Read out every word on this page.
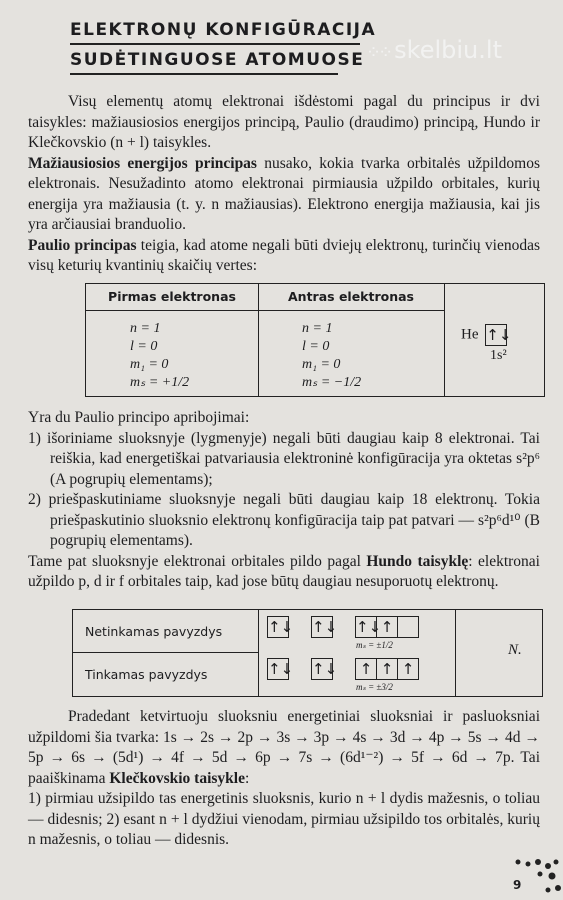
ELEKTRONŲ KONFIGŪRACIJA
SUDĖTINGUOSE ATOMUOSE ⁘⁘ skelbiu.lt

Visų elementų atomų elektronai išdėstomi pagal du principus ir dvi taisykles: mažiausiosios energijos principą, Paulio (draudimo) principą, Hundo ir Klečkovskio (n + l) taisykles.

Mažiausiosios energijos principas nusako, kokia tvarka orbitalės užpildomos elektronais. Nesužadinto atomo elektronai pirmiausia užpildo orbitales, kurių energija yra mažiausia (t. y. n mažiausias). Elektrono energija mažiausia, kai jis yra arčiausiai branduolio.

Paulio principas teigia, kad atome negali būti dviejų elektronų, turinčių vienodas visų keturių kvantinių skaičių vertes:

Pirmas elektronas
n = 1
l = 0
m₁ = 0
mₛ = +1/2
Antras elektronas
n = 1
l = 0
m₁ = 0
mₛ = −1/2
He ↑↓
1s²

Yra du Paulio principo apribojimai:

1) išoriniame sluoksnyje (lygmenyje) negali būti daugiau kaip 8 elektronai. Tai reiškia, kad energetiškai patvariausia elektroninė konfigūracija yra oktetas s²p⁶ (A pogrupių elementams);

2) priešpaskutiniame sluoksnyje negali būti daugiau kaip 18 elektronų. Tokia priešpaskutinio sluoksnio elektronų konfigūracija taip pat patvari — s²p⁶d¹⁰ (B pogrupių elementams).

Tame pat sluoksnyje elektronai orbitales pildo pagal Hundo taisyklę: elektronai užpildo p, d ir f orbitales taip, kad jose būtų daugiau nesuporuotų elektronų.

Netinkamas pavyzdys
Tinkamas pavyzdys
↑↓ ↑↓ ↑↓ ↑
mₛ = ±1/2
↑↓ ↑↓	↑ ↑ ↑
mₛ = ±3/2
N.

Pradedant ketvirtuoju sluoksniu energetiniai sluoksniai ir pasluoksniai užpildomi šia tvarka: 1s → 2s → 2p → 3s → 3p → 4s → 3d → 4p → 5s → 4d → 5p → 6s → (5d¹) → 4f → 5d → 6p → 7s → (6d¹⁻²) → 5f → 6d → 7p. Tai paaiškinama Klečkovskio taisykle:

1) pirmiau užsipildo tas energetinis sluoksnis, kurio n + l dydis mažesnis, o toliau — didesnis; 2) esant n + l dydžiui vienodam, pirmiau užsipildo tos orbitalės, kurių n mažesnis, o toliau — didesnis.

9
